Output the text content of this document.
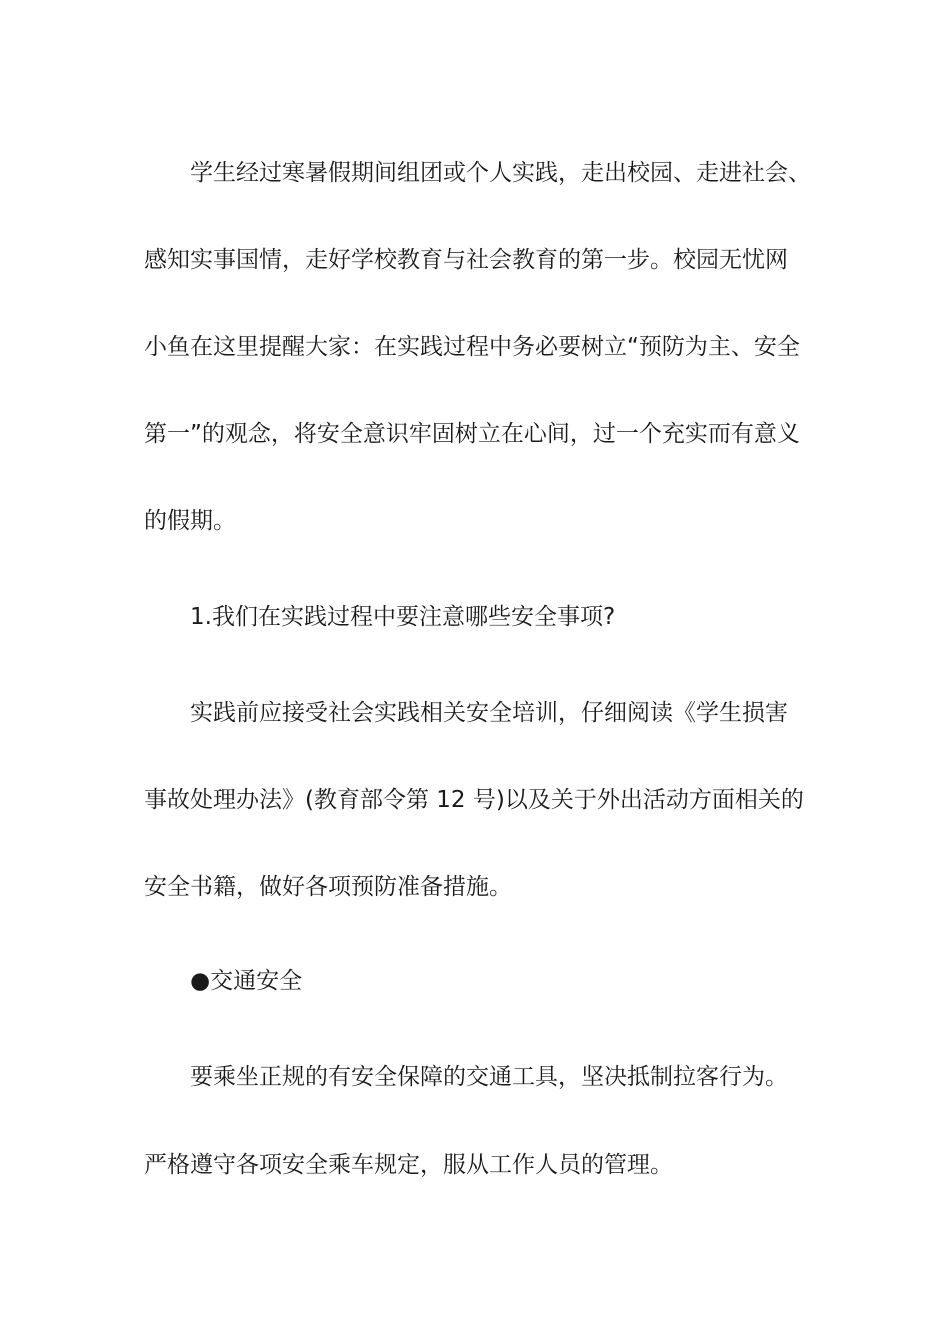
学生经过寒暑假期间组团或个人实践，走出校园、走进社会、
感知实事国情，走好学校教育与社会教育的第一步。校园无忧网
小鱼在这里提醒大家：在实践过程中务必要树立“预防为主、安全
第一”的观念，将安全意识牢固树立在心间，过一个充实而有意义
的假期。
1.我们在实践过程中要注意哪些安全事项?
实践前应接受社会实践相关安全培训，仔细阅读《学生损害
事故处理办法》(教育部令第 12 号)以及关于外出活动方面相关的
安全书籍，做好各项预防准备措施。
●交通安全
要乘坐正规的有安全保障的交通工具，坚决抵制拉客行为。
严格遵守各项安全乘车规定，服从工作人员的管理。
